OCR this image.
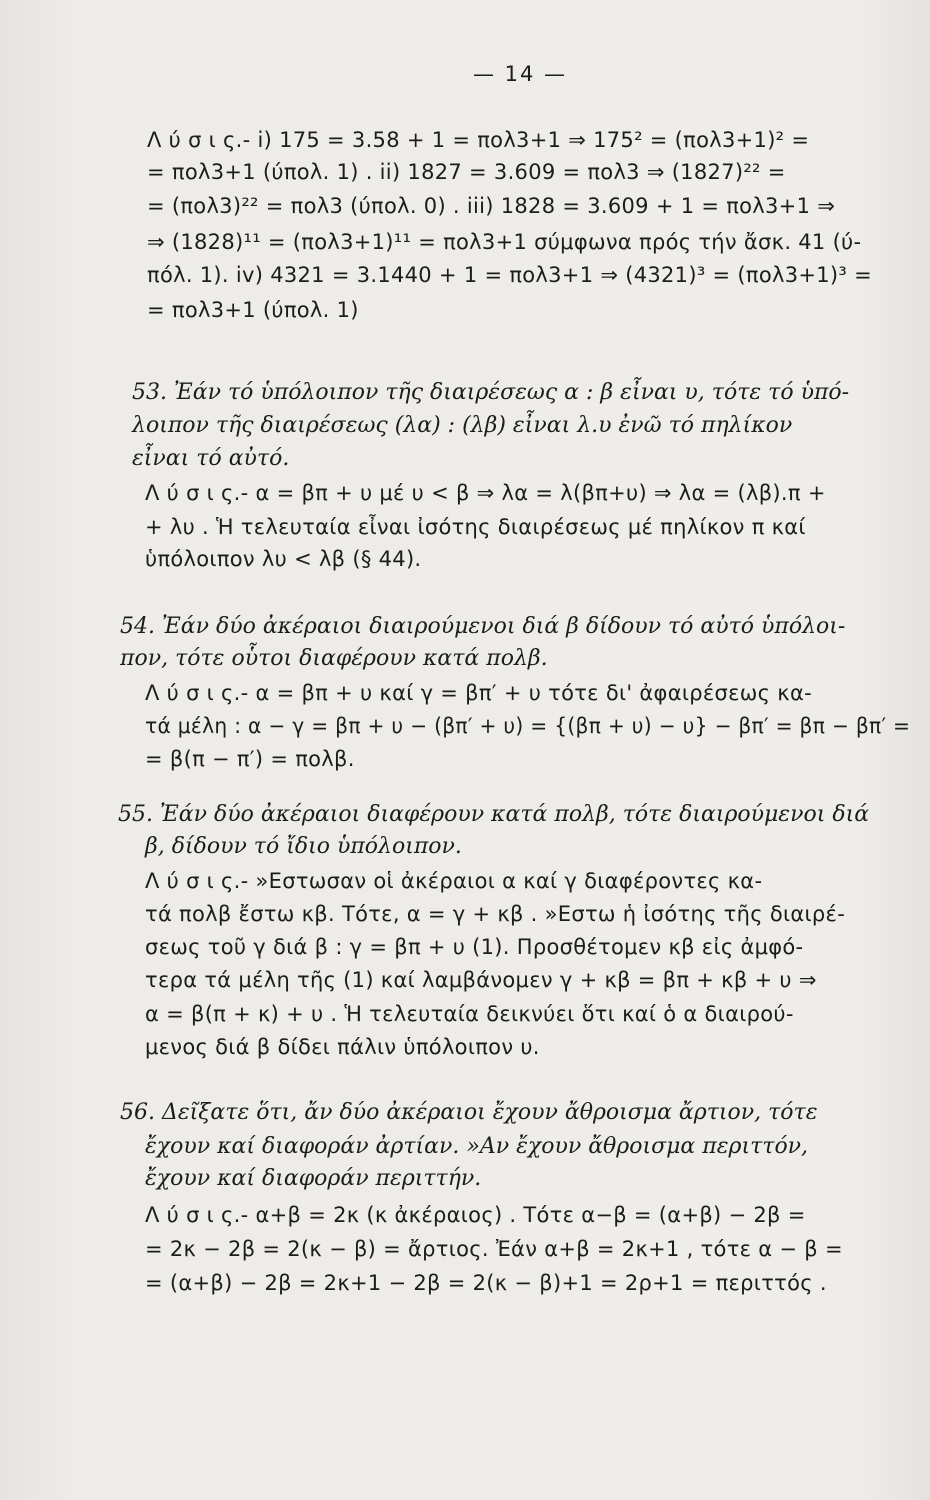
— 14 —
Λ ύ σ ι ς.- i) 175 = 3.58 + 1 = πολ3+1 ⇒ 175² = (πολ3+1)² =
= πολ3+1 (ύπολ. 1) . ii) 1827 = 3.609 = πολ3 ⇒ (1827)²² =
= (πολ3)²² = πολ3 (ύπολ. 0) . iii) 1828 = 3.609 + 1 = πολ3+1 ⇒
⇒ (1828)¹¹ = (πολ3+1)¹¹ = πολ3+1 σύμφωνα πρός τήν ἄσκ. 41 (ύ-
πόλ. 1). iv) 4321 = 3.1440 + 1 = πολ3+1 ⇒ (4321)³ = (πολ3+1)³ =
= πολ3+1 (ύπολ. 1)
53. Ἐάν τό ὑπόλοιπον τῆς διαιρέσεως α : β εἶναι υ, τότε τό ὑπό-
λοιπον τῆς διαιρέσεως (λα) : (λβ) εἶναι λ.υ ἐνῶ τό πηλίκον
εἶναι τό αὐτό.
Λ ύ σ ι ς.- α = βπ + υ μέ υ < β ⇒ λα = λ(βπ+υ) ⇒ λα = (λβ).π +
+ λυ . Ἡ τελευταία εἶναι ἰσότης διαιρέσεως μέ πηλίκον π καί
ὑπόλοιπον λυ < λβ (§ 44).
54. Ἐάν δύο ἀκέραιοι διαιρούμενοι διά β δίδουν τό αὐτό ὑπόλοι-
πον, τότε οὗτοι διαφέρουν κατά πολβ.
Λ ύ σ ι ς.- α = βπ + υ καί γ = βπ′ + υ τότε δι' ἀφαιρέσεως κα-
τά μέλη : α − γ = βπ + υ − (βπ′ + υ) = {(βπ + υ) − υ} − βπ′ = βπ − βπ′ =
= β(π − π′) = πολβ.
55. Ἐάν δύο ἀκέραιοι διαφέρουν κατά πολβ, τότε διαιρούμενοι διά
β, δίδουν τό ἴδιο ὑπόλοιπον.
Λ ύ σ ι ς.- »Εστωσαν οἱ ἀκέραιοι α καί γ διαφέροντες κα-
τά πολβ ἔστω κβ. Τότε, α = γ + κβ . »Εστω ἡ ἰσότης τῆς διαιρέ-
σεως τοῦ γ διά β : γ = βπ + υ (1). Προσθέτομεν κβ εἰς ἀμφό-
τερα τά μέλη τῆς (1) καί λαμβάνομεν γ + κβ = βπ + κβ + υ ⇒
α = β(π + κ) + υ . Ἡ τελευταία δεικνύει ὅτι καί ὁ α διαιρού-
μενος διά β δίδει πάλιν ὑπόλοιπον υ.
56. Δεῖξατε ὅτι, ἄν δύο ἀκέραιοι ἔχουν ἄθροισμα ἄρτιον, τότε
ἔχουν καί διαφοράν ἀρτίαν. »Αν ἔχουν ἄθροισμα περιττόν,
ἔχουν καί διαφοράν περιττήν.
Λ ύ σ ι ς.- α+β = 2κ (κ ἀκέραιος) . Τότε α−β = (α+β) − 2β =
= 2κ − 2β = 2(κ − β) = ἄρτιος. Ἐάν α+β = 2κ+1 , τότε α − β =
= (α+β) − 2β = 2κ+1 − 2β = 2(κ − β)+1 = 2ρ+1 = περιττός .
